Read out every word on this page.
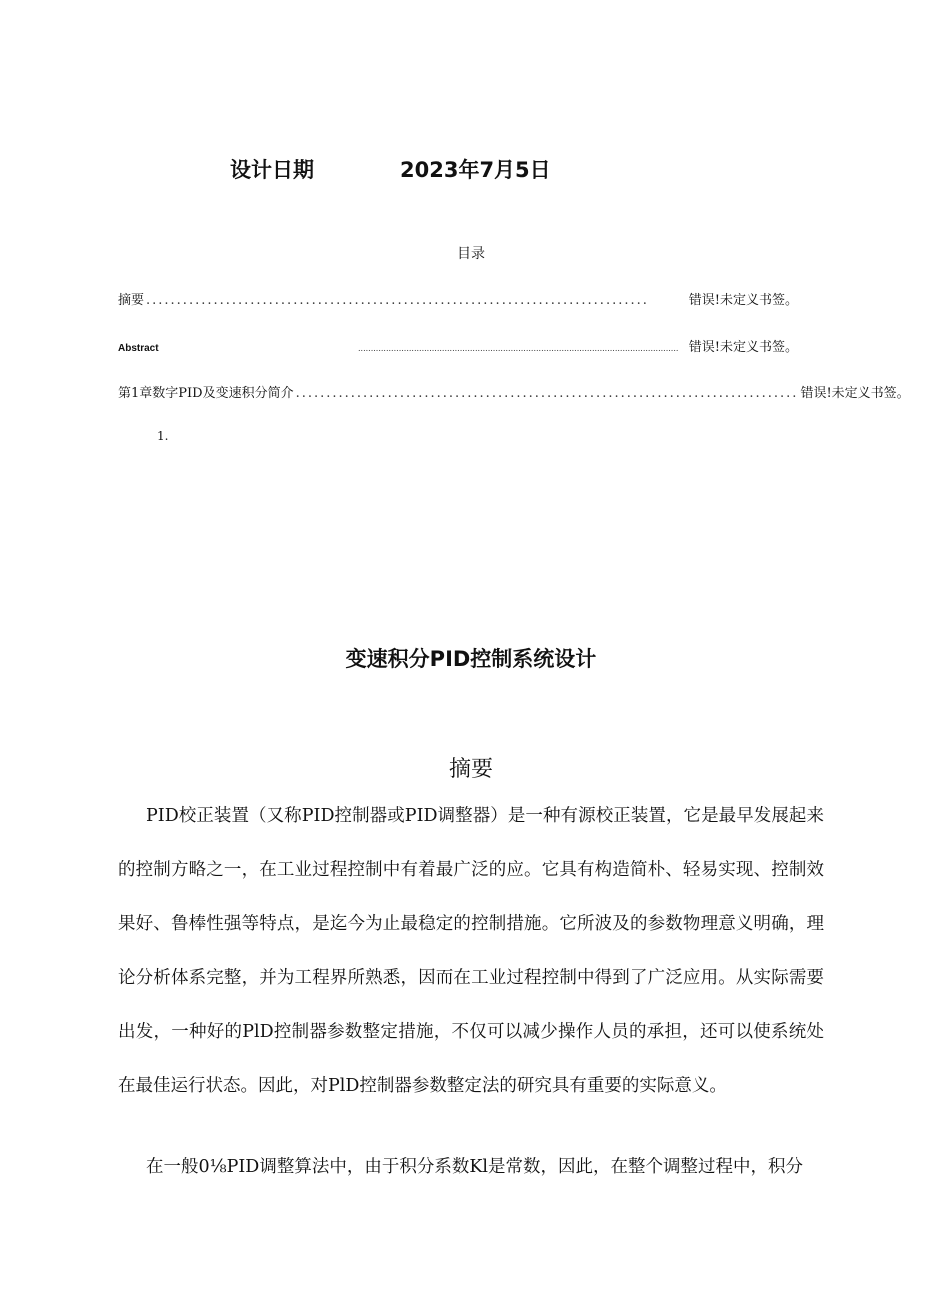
设计日期	2023年7月5日
目录
摘要 ..................................................................................	错误!未定义书签。
Abstract	.............................................................................................................................. 错误!未定义书签。
第1章数字PID及变速积分简介 .................................................................................. 错误!未定义书签。
1.
变速积分PID控制系统设计
摘要

PID校正装置（又称PID控制器或PID调整器）是一种有源校正装置，它是最早发展起来的控制方略之一，在工业过程控制中有着最广泛的应。它具有构造简朴、轻易实现、控制效果好、鲁棒性强等特点，是迄今为止最稳定的控制措施。它所波及的参数物理意义明确，理论分析体系完整，并为工程界所熟悉，因而在工业过程控制中得到了广泛应用。从实际需要出发，一种好的PlD控制器参数整定措施，不仅可以减少操作人员的承担，还可以使系统处在最佳运行状态。因此，对PlD控制器参数整定法的研究具有重要的实际意义。

在一般0⅛PID调整算法中，由于积分系数Kl是常数，因此，在整个调整过程中，积分
